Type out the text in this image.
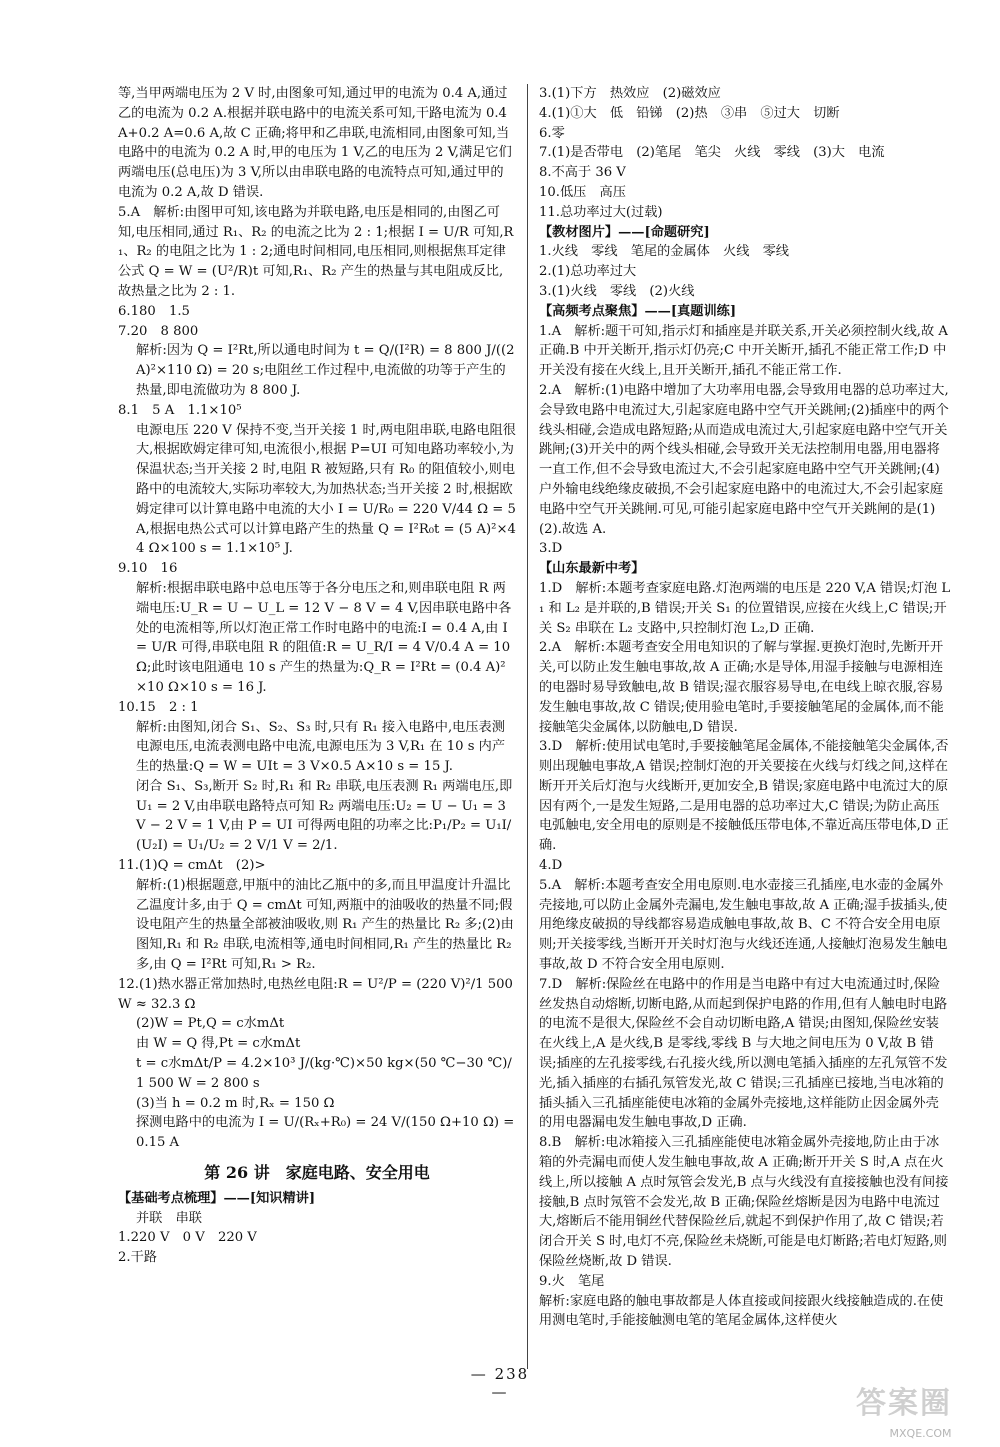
等,当甲两端电压为 2 V 时,由图象可知,通过甲的电流为 0.4 A,通过乙的电流为 0.2 A.根据并联电路中的电流关系可知,干路电流为 0.4 A+0.2 A=0.6 A,故 C 正确;将甲和乙串联,电流相同,由图象可知,当电路中的电流为 0.2 A 时,甲的电压为 1 V,乙的电压为 2 V,满足它们两端电压(总电压)为 3 V,所以由串联电路的电流特点可知,通过甲的电流为 0.2 A,故 D 错误.

5.A　解析:由图甲可知,该电路为并联电路,电压是相同的,由图乙可知,电压相同,通过 R₁、R₂ 的电流之比为 2 : 1;根据 I = U/R 可知,R₁、R₂ 的电阻之比为 1 : 2;通电时间相同,电压相同,则根据焦耳定律公式 Q = W = (U²/R)t 可知,R₁、R₂ 产生的热量与其电阻成反比,故热量之比为 2 : 1.

6.180　1.5

7.20　8 800

解析:因为 Q = I²Rt,所以通电时间为 t = Q/(I²R) = 8 800 J/((2 A)²×110 Ω) = 20 s;电阻丝工作过程中,电流做的功等于产生的热量,即电流做功为 8 800 J.

8.1　5 A　1.1×10⁵

电源电压 220 V 保持不变,当开关接 1 时,两电阻串联,电路电阻很大,根据欧姆定律可知,电流很小,根据 P=UI 可知电路功率较小,为保温状态;当开关接 2 时,电阻 R 被短路,只有 R₀ 的阻值较小,则电路中的电流较大,实际功率较大,为加热状态;当开关接 2 时,根据欧姆定律可以计算电路中电流的大小 I = U/R₀ = 220 V/44 Ω = 5 A,根据电热公式可以计算电路产生的热量 Q = I²R₀t = (5 A)²×44 Ω×100 s = 1.1×10⁵ J.

9.10　16

解析:根据串联电路中总电压等于各分电压之和,则串联电阻 R 两端电压:U_R = U − U_L = 12 V − 8 V = 4 V,因串联电路中各处的电流相等,所以灯泡正常工作时电路中的电流:I = 0.4 A,由 I = U/R 可得,串联电阻 R 的阻值:R = U_R/I = 4 V/0.4 A = 10 Ω;此时该电阻通电 10 s 产生的热量为:Q_R = I²Rt = (0.4 A)²×10 Ω×10 s = 16 J.

10.15　2 : 1

解析:由图知,闭合 S₁、S₂、S₃ 时,只有 R₁ 接入电路中,电压表测电源电压,电流表测电路中电流,电源电压为 3 V,R₁ 在 10 s 内产生的热量:Q = W = UIt = 3 V×0.5 A×10 s = 15 J.

闭合 S₁、S₃,断开 S₂ 时,R₁ 和 R₂ 串联,电压表测 R₁ 两端电压,即 U₁ = 2 V,由串联电路特点可知 R₂ 两端电压:U₂ = U − U₁ = 3 V − 2 V = 1 V,由 P = UI 可得两电阻的功率之比:P₁/P₂ = U₁I/(U₂I) = U₁/U₂ = 2 V/1 V = 2/1.

11.(1)Q = cmΔt　(2)>

解析:(1)根据题意,甲瓶中的油比乙瓶中的多,而且甲温度计升温比乙温度计多,由于 Q = cmΔt 可知,两瓶中的油吸收的热量不同;假设电阻产生的热量全部被油吸收,则 R₁ 产生的热量比 R₂ 多;(2)由图知,R₁ 和 R₂ 串联,电流相等,通电时间相同,R₁ 产生的热量比 R₂ 多,由 Q = I²Rt 可知,R₁ > R₂.

12.(1)热水器正常加热时,电热丝电阻:R = U²/P = (220 V)²/1 500 W ≈ 32.3 Ω

(2)W = Pt,Q = c水mΔt

由 W = Q 得,Pt = c水mΔt

t = c水mΔt/P = 4.2×10³ J/(kg·℃)×50 kg×(50 ℃−30 ℃)/1 500 W = 2 800 s

(3)当 h = 0.2 m 时,Rₓ = 150 Ω

探测电路中的电流为 I = U/(Rₓ+R₀) = 24 V/(150 Ω+10 Ω) = 0.15 A

第 26 讲　家庭电路、安全用电

【基础考点梳理】——[知识精讲]

并联　串联

1.220 V　0 V　220 V

2.干路

3.(1)下方　热效应　(2)磁效应

4.(1)①大　低　铅锑　(2)热　③串　⑤过大　切断

6.零

7.(1)是否带电　(2)笔尾　笔尖　火线　零线　(3)大　电流

8.不高于 36 V

10.低压　高压

11.总功率过大(过载)

【教材图片】——[命题研究]

1.火线　零线　笔尾的金属体　火线　零线

2.(1)总功率过大

3.(1)火线　零线　(2)火线

【高频考点聚焦】——[真题训练]

1.A　解析:题干可知,指示灯和插座是并联关系,开关必须控制火线,故 A 正确.B 中开关断开,指示灯仍亮;C 中开关断开,插孔不能正常工作;D 中开关没有接在火线上,且开关断开,插孔不能正常工作.

2.A　解析:(1)电路中增加了大功率用电器,会导致用电器的总功率过大,会导致电路中电流过大,引起家庭电路中空气开关跳闸;(2)插座中的两个线头相碰,会造成电路短路;从而造成电流过大,引起家庭电路中空气开关跳闸;(3)开关中的两个线头相碰,会导致开关无法控制用电器,用电器将一直工作,但不会导致电流过大,不会引起家庭电路中空气开关跳闸;(4)户外输电线绝缘皮破损,不会引起家庭电路中的电流过大,不会引起家庭电路中空气开关跳闸.可见,可能引起家庭电路中空气开关跳闸的是(1)(2).故选 A.

3.D

【山东最新中考】

1.D　解析:本题考查家庭电路.灯泡两端的电压是 220 V,A 错误;灯泡 L₁ 和 L₂ 是并联的,B 错误;开关 S₁ 的位置错误,应接在火线上,C 错误;开关 S₂ 串联在 L₂ 支路中,只控制灯泡 L₂,D 正确.

2.A　解析:本题考查安全用电知识的了解与掌握.更换灯泡时,先断开开关,可以防止发生触电事故,故 A 正确;水是导体,用湿手接触与电源相连的电器时易导致触电,故 B 错误;湿衣服容易导电,在电线上晾衣服,容易发生触电事故,故 C 错误;使用验电笔时,手要接触笔尾的金属体,而不能接触笔尖金属体,以防触电,D 错误.

3.D　解析:使用试电笔时,手要接触笔尾金属体,不能接触笔尖金属体,否则出现触电事故,A 错误;控制灯泡的开关要接在火线与灯线之间,这样在断开开关后灯泡与火线断开,更加安全,B 错误;家庭电路中电流过大的原因有两个,一是发生短路,二是用电器的总功率过大,C 错误;为防止高压电弧触电,安全用电的原则是不接触低压带电体,不靠近高压带电体,D 正确.

4.D

5.A　解析:本题考查安全用电原则.电水壶接三孔插座,电水壶的金属外壳接地,可以防止金属外壳漏电,发生触电事故,故 A 正确;湿手拔插头,使用绝缘皮破损的导线都容易造成触电事故,故 B、C 不符合安全用电原则;开关接零线,当断开开关时灯泡与火线还连通,人接触灯泡易发生触电事故,故 D 不符合安全用电原则.

7.D　解析:保险丝在电路中的作用是当电路中有过大电流通过时,保险丝发热自动熔断,切断电路,从而起到保护电路的作用,但有人触电时电路的电流不是很大,保险丝不会自动切断电路,A 错误;由图知,保险丝安装在火线上,A 是火线,B 是零线,零线 B 与大地之间电压为 0 V,故 B 错误;插座的左孔接零线,右孔接火线,所以测电笔插入插座的左孔氖管不发光,插入插座的右插孔氖管发光,故 C 错误;三孔插座已接地,当电冰箱的插头插入三孔插座能使电冰箱的金属外壳接地,这样能防止因金属外壳的用电器漏电发生触电事故,D 正确.

8.B　解析:电冰箱接入三孔插座能使电冰箱金属外壳接地,防止由于冰箱的外壳漏电而使人发生触电事故,故 A 正确;断开开关 S 时,A 点在火线上,所以接触 A 点时氖管会发光,B 点与火线没有直接接触也没有间接接触,B 点时氖管不会发光,故 B 正确;保险丝熔断是因为电路中电流过大,熔断后不能用铜丝代替保险丝后,就起不到保护作用了,故 C 错误;若闭合开关 S 时,电灯不亮,保险丝未烧断,可能是电灯断路;若电灯短路,则保险丝烧断,故 D 错误.

9.火　笔尾

解析:家庭电路的触电事故都是人体直接或间接跟火线接触造成的.在使用测电笔时,手能接触测电笔的笔尾金属体,这样使火

— 238 —	答案圈
MXQE.COM
